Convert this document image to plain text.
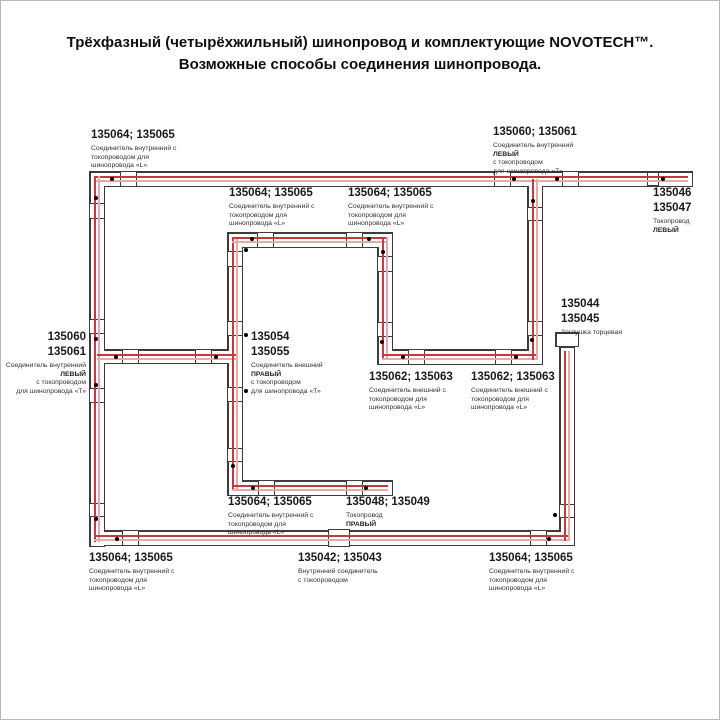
Трёхфазный (четырёхжильный) шинопровод и комплектующие NOVOTECH™.
Возможные способы соединения шинопровода.
135064; 135065
Соединитель внутренний с
токопроводом для
шинопровода «L»
135060; 135061
Соединитель внутренний
ЛЕВЫЙ
с токопроводом
для шинопровода «Т»
135046
135047
Токопровод
ЛЕВЫЙ
135064; 135065
Соединитель внутренний с
токопроводом для
шинопровода «L»
135064; 135065
Соединитель внутренний с
токопроводом для
шинопровода «L»
135060
135061
Соединитель внутренний
ЛЕВЫЙ
с токопроводом
для шинопровода «Т»
135054
135055
Соединитель внешний
ПРАВЫЙ
с токопроводом
для шинопровода «Т»
135044
135045
Заглушка торцевая
135062; 135063
Соединитель внешний с
токопроводом для
шинопровода «L»
135062; 135063
Соединитель внешний с
токопроводом для
шинопровода «L»
135064; 135065
Соединитель внутренний с
токопроводом для
шинопровода «L»
135048; 135049
Токопровод
ПРАВЫЙ
135064; 135065
Соединитель внутренний с
токопроводом для
шинопровода «L»
135042; 135043
Внутренний соединитель
с токопроводом
135064; 135065
Соединитель внутренний с
токопроводом для
шинопровода «L»
